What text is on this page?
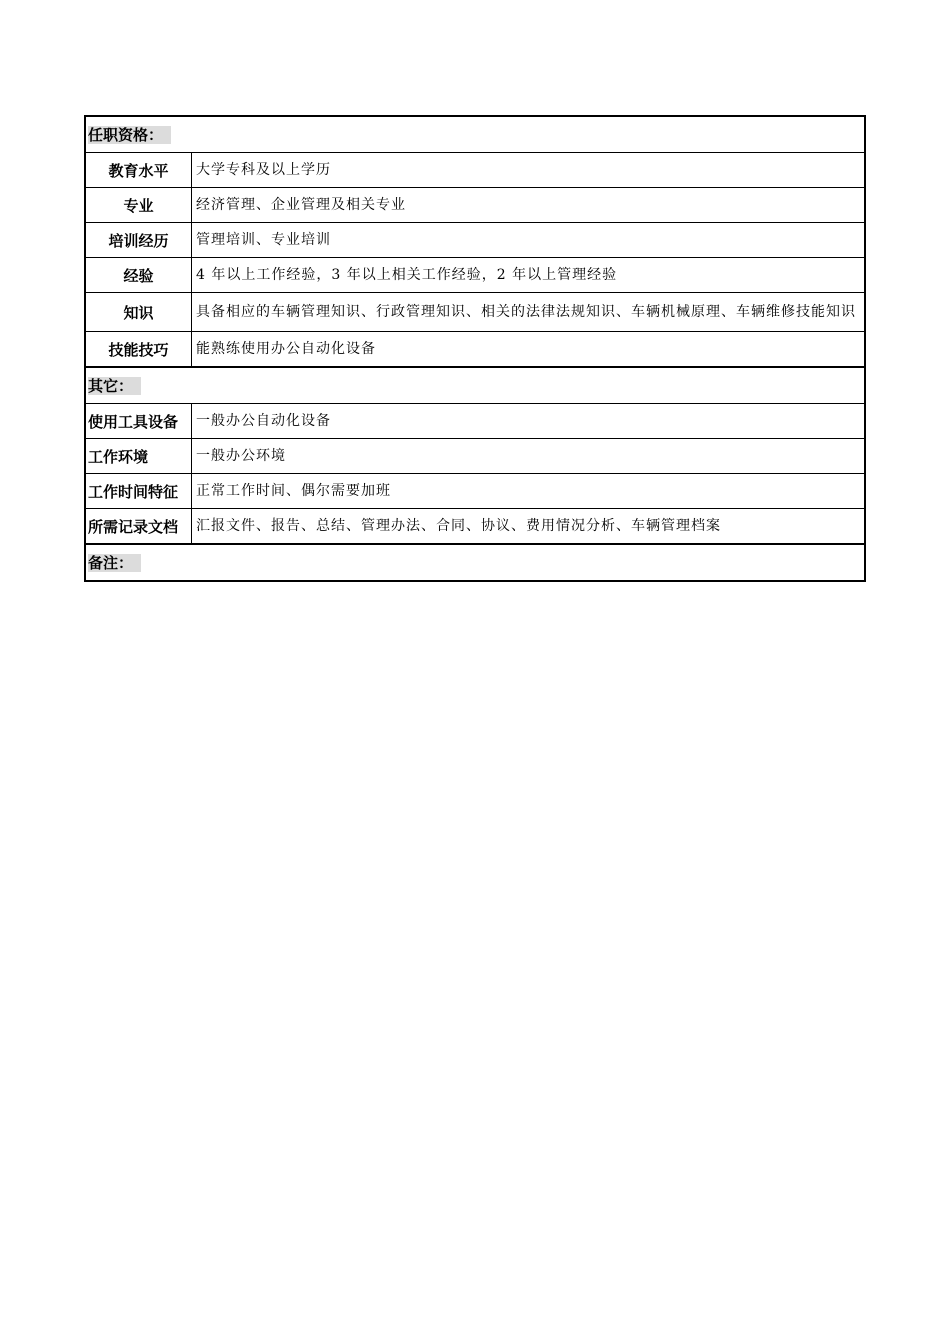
任职资格：
教育水平	大学专科及以上学历
专业	经济管理、企业管理及相关专业
培训经历	管理培训、专业培训
经验	4 年以上工作经验，3 年以上相关工作经验，2 年以上管理经验
知识	具备相应的车辆管理知识、行政管理知识、相关的法律法规知识、车辆机械原理、车辆维修技能知识
技能技巧	能熟练使用办公自动化设备
其它：
使用工具设备	一般办公自动化设备
工作环境	一般办公环境
工作时间特征	正常工作时间、偶尔需要加班
所需记录文档	汇报文件、报告、总结、管理办法、合同、协议、费用情况分析、车辆管理档案
备注：
